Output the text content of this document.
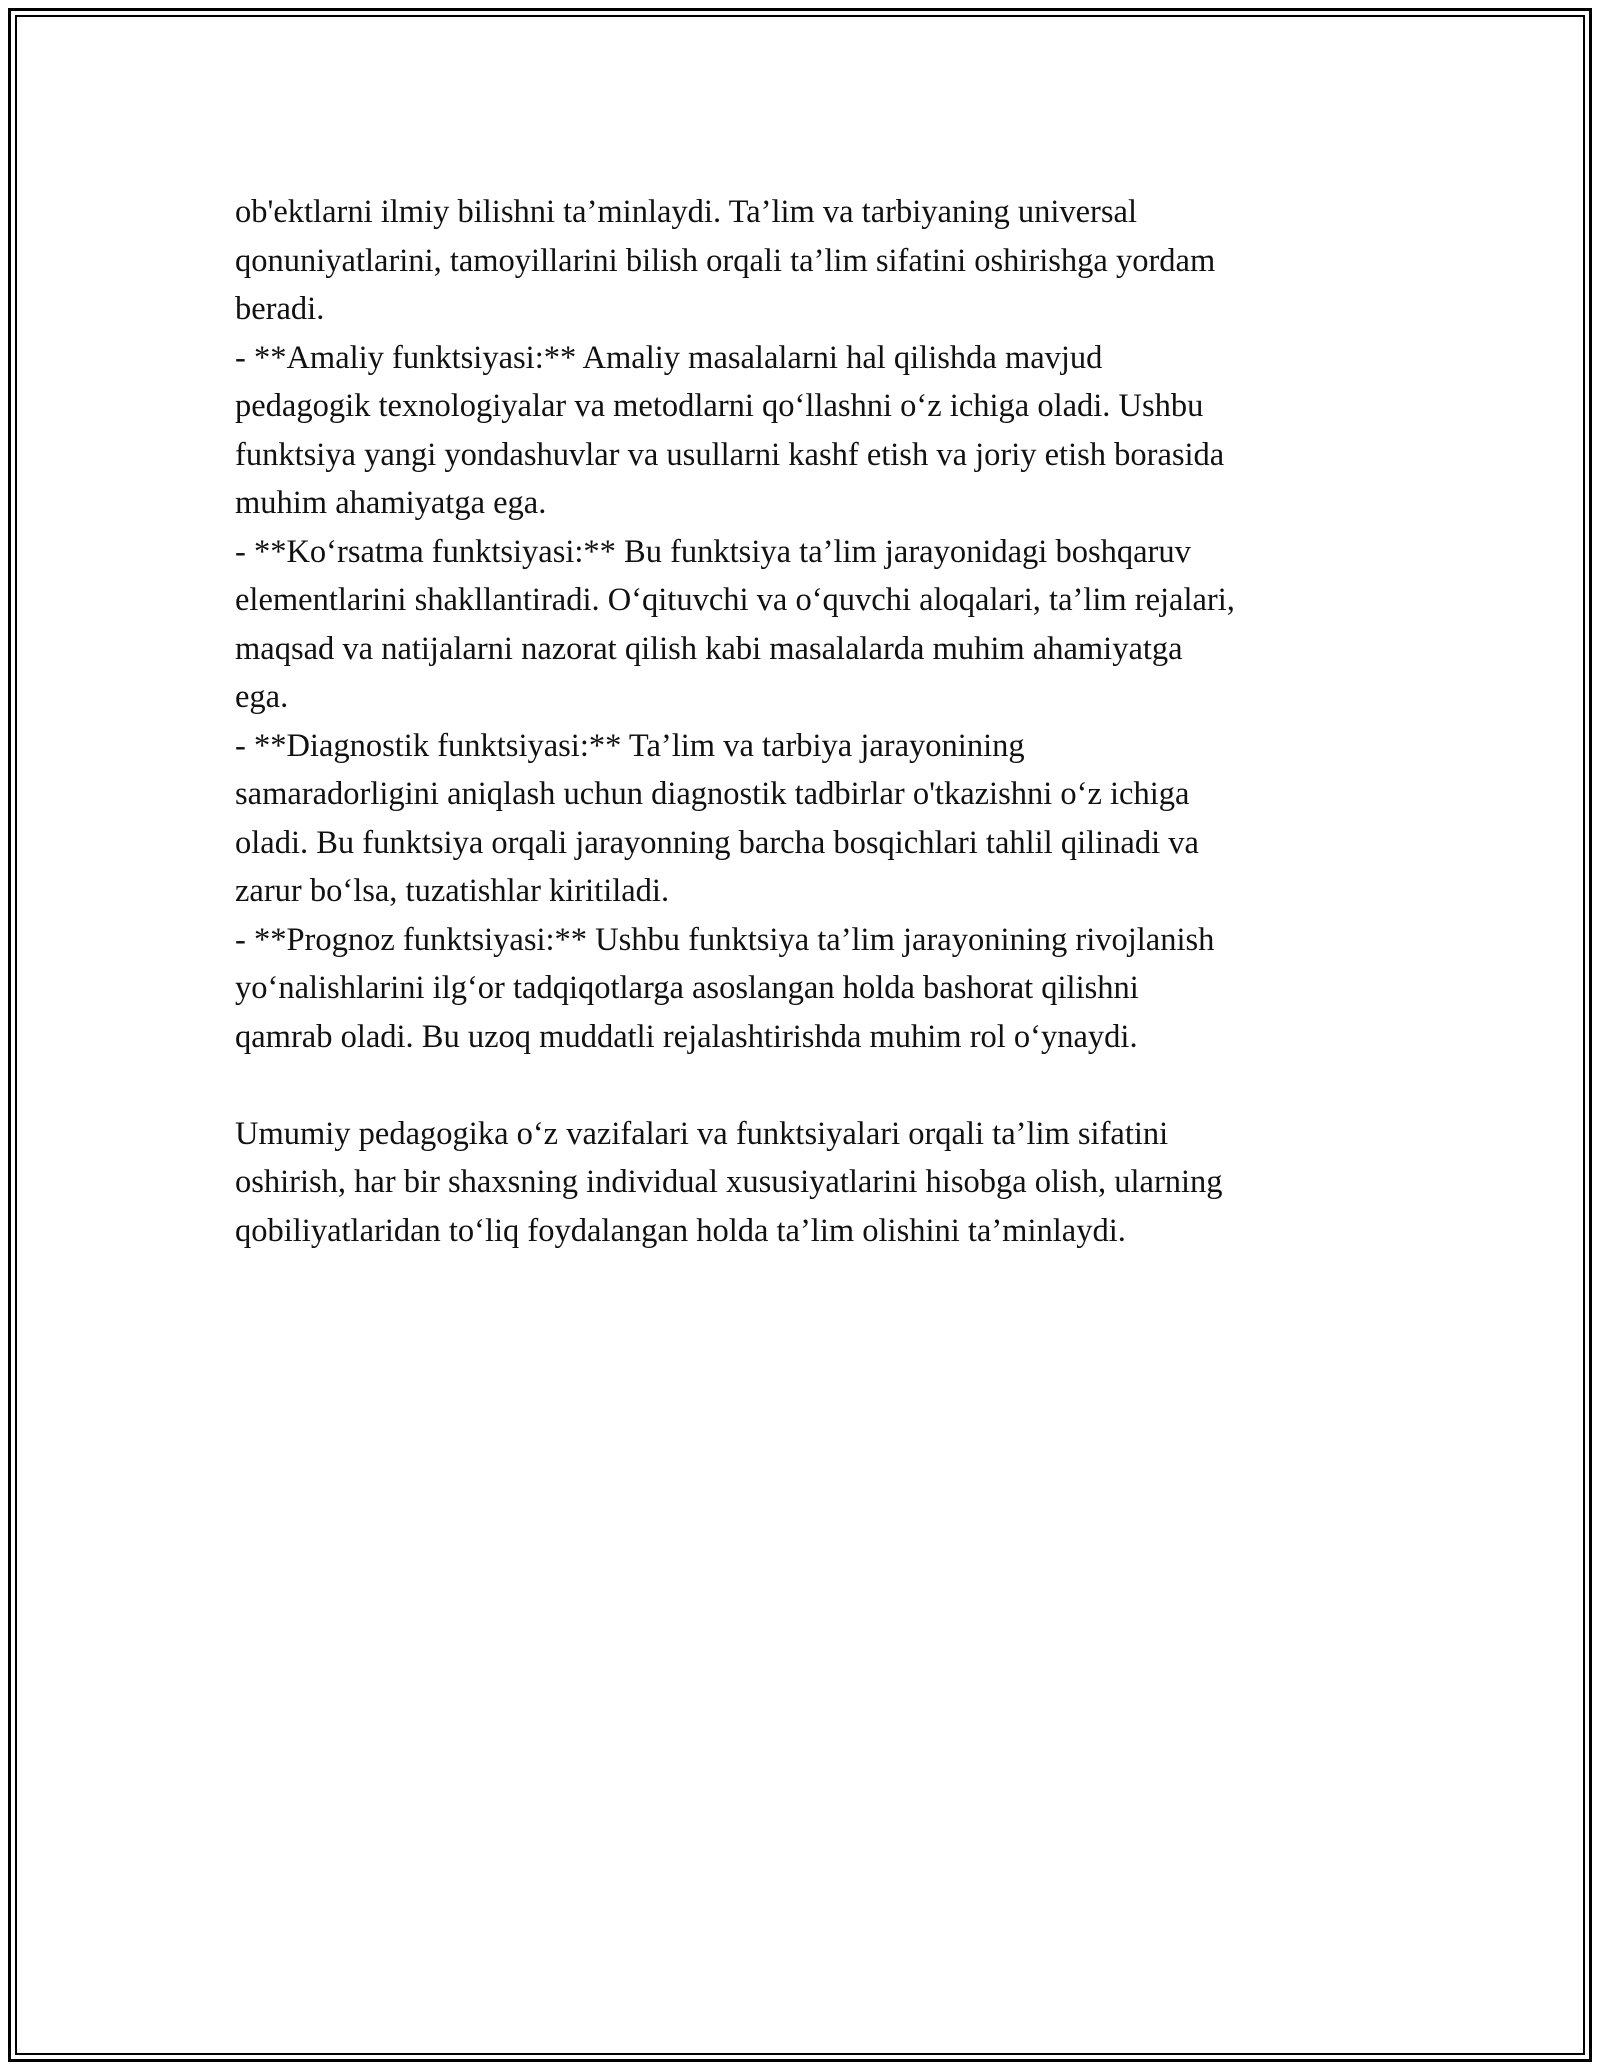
ob'ektlarni ilmiy bilishni ta’minlaydi. Ta’lim va tarbiyaning universal

qonuniyatlarini, tamoyillarini bilish orqali ta’lim sifatini oshirishga yordam

beradi.

- **Amaliy funktsiyasi:** Amaliy masalalarni hal qilishda mavjud

pedagogik texnologiyalar va metodlarni qo‘llashni o‘z ichiga oladi. Ushbu

funktsiya yangi yondashuvlar va usullarni kashf etish va joriy etish borasida

muhim ahamiyatga ega.

- **Ko‘rsatma funktsiyasi:** Bu funktsiya ta’lim jarayonidagi boshqaruv

elementlarini shakllantiradi. O‘qituvchi va o‘quvchi aloqalari, ta’lim rejalari,

maqsad va natijalarni nazorat qilish kabi masalalarda muhim ahamiyatga

ega.

- **Diagnostik funktsiyasi:** Ta’lim va tarbiya jarayonining

samaradorligini aniqlash uchun diagnostik tadbirlar o'tkazishni o‘z ichiga

oladi. Bu funktsiya orqali jarayonning barcha bosqichlari tahlil qilinadi va

zarur bo‘lsa, tuzatishlar kiritiladi.

- **Prognoz funktsiyasi:** Ushbu funktsiya ta’lim jarayonining rivojlanish

yo‘nalishlarini ilg‘or tadqiqotlarga asoslangan holda bashorat qilishni

qamrab oladi. Bu uzoq muddatli rejalashtirishda muhim rol o‘ynaydi.

Umumiy pedagogika o‘z vazifalari va funktsiyalari orqali ta’lim sifatini

oshirish, har bir shaxsning individual xususiyatlarini hisobga olish, ularning

qobiliyatlaridan to‘liq foydalangan holda ta’lim olishini ta’minlaydi.
